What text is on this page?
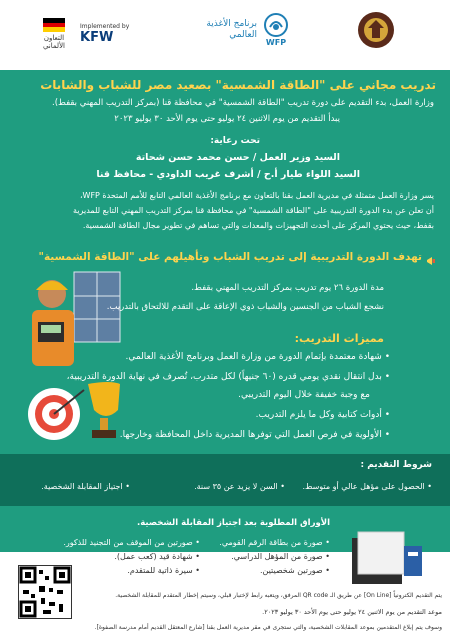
برنامج الأغذية العالمي
WFP
التعاون الألماني
Implemented by
KFW
تدريب مجاني على "الطاقة الشمسية" بصعيد مصر للشباب والشابات
وزارة العمل، بدء التقديم على دورة تدريب "الطاقة الشمسية" في محافظة قنا (بمركز التدريب المهني بقفط).
يبدأ التقديم من يوم الاثنين ٢٤ يوليو حتى يوم الأحد ٣٠ يوليو ٢٠٢٣
تحت رعاية:
السيد وزير العمل / حسن محمد حسن شحاتة
السيد اللواء طيار أ.ح / أشرف غريب الداودي - محافظ قنا
يسر وزارة العمل متمثلة في مديرية العمل بقنا بالتعاون مع برنامج الأغذية العالمي التابع للأمم المتحدة WFP،
أن تعلن عن بدء الدورة التدريبية على "الطاقة الشمسية" في محافظة قنا بمركز التدريب المهني التابع للمديرية
بقفط، حيث يحتوي المركز على أحدث التجهيزات والمعدات والتي تساهم في تطوير مجال الطاقة الشمسية.
تهدف الدورة التدريبية إلى تدريب الشباب وتأهيلهم على "الطاقة الشمسية"
مدة الدورة ٢٦ يوم تدريب بمركز التدريب المهني بقفط.
نشجع الشباب من الجنسين والشباب ذوي الإعاقة على التقدم للالتحاق بالتدريب.
مميزات التدريب:
• شهادة معتمدة بإتمام الدورة من وزارة العمل وبرنامج الأغذية العالمي.
• بدل انتقال نقدي يومي قدره (٦٠ جنيهاً) لكل متدرب، تُصرف في نهاية الدورة التدريبية،
مع وجبة خفيفة خلال اليوم التدريبي.
• أدوات كتابية وكل ما يلزم التدريب.
• الأولوية في فرص العمل التي توفرها المديرية داخل المحافظة وخارجها.
شروط التقديم :
• الحصول على مؤهل عالي أو متوسط.
• السن لا يزيد عن ٣٥ سنة.
• اجتياز المقابلة الشخصية.
الأوراق المطلوبة بعد اجتياز المقابلة الشخصية.
• صورة من بطاقة الرقم القومي.
• صورة من المؤهل الدراسي.
• صورتين شخصيتين.
• صورتين من الموقف من التجنيد للذكور.
• شهادة قيد (كعب عمل).
• سيرة ذاتية للمتقدم.
يتم التقديم الكترونياً [On Line] عن طريق الـ QR code المرفق، ويتعبه رابط لإختبار قبلي، وسيتم إخطار المتقدم للمقابلة الشخصية.
موعد التقديم من يوم الاثنين ٢٤ يوليو حتى يوم الأحد ٣٠ يوليو ٢٠٢٣.
وسوف يتم إبلاغ المتقدمين بموعد المقابلات الشخصية، والتي ستجرى في مقر مديرية العمل بقنا [شارع المعتقل القديم أمام مدرسة الصفوة].
